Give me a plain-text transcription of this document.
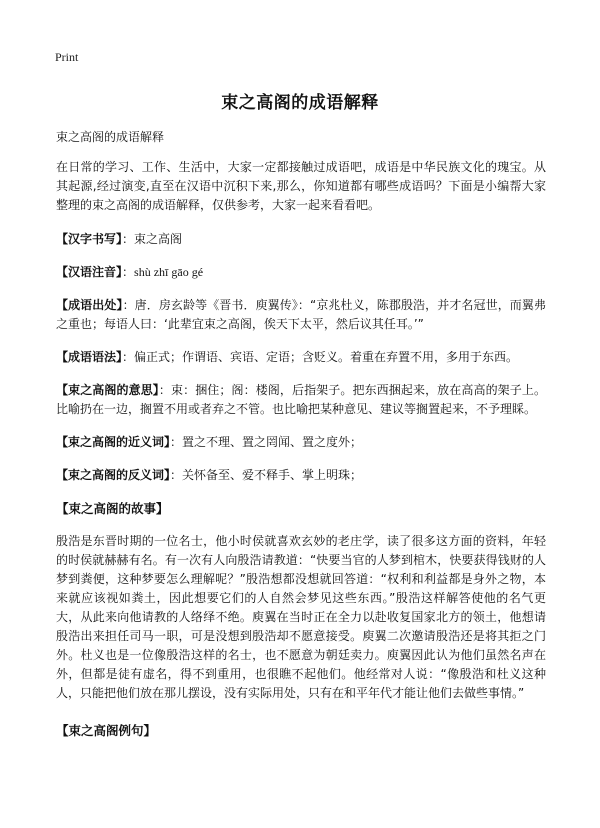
Print
束之高阁的成语解释
束之高阁的成语解释

在日常的学习、工作、生活中，大家一定都接触过成语吧，成语是中华民族文化的瑰宝。从其起源,经过演变,直至在汉语中沉积下来,那么，你知道都有哪些成语吗？下面是小编帮大家整理的束之高阁的成语解释，仅供参考，大家一起来看看吧。

【汉字书写】：束之高阁

【汉语注音】：shù zhī gāo gé

【成语出处】：唐．房玄龄等《晋书．庾翼传》：“京兆杜义，陈郡殷浩，并才名冠世，而翼弗之重也；每语人曰：‘此辈宜束之高阁，俟天下太平，然后议其任耳。’”

【成语语法】：偏正式；作谓语、宾语、定语；含贬义。着重在弃置不用，多用于东西。

【束之高阁的意思】：束：捆住；阁：楼阁，后指架子。把东西捆起来，放在高高的架子上。比喻扔在一边，搁置不用或者弃之不管。也比喻把某种意见、建议等搁置起来，不予理睬。

【束之高阁的近义词】：置之不理、置之罔闻、置之度外；

【束之高阁的反义词】：关怀备至、爱不释手、掌上明珠；

【束之高阁的故事】

殷浩是东晋时期的一位名士，他小时侯就喜欢玄妙的老庄学，读了很多这方面的资料，年轻的时侯就赫赫有名。有一次有人向殷浩请教道：“快要当官的人梦到棺木，快要获得钱财的人梦到粪便，这种梦要怎么理解呢？”殷浩想都没想就回答道：“权利和利益都是身外之物，本来就应该视如粪土，因此想要它们的人自然会梦见这些东西。”殷浩这样解答使他的名气更大，从此来向他请教的人络绎不绝。庾翼在当时正在全力以赴收复国家北方的领土，他想请殷浩出来担任司马一职，可是没想到殷浩却不愿意接受。庾翼二次邀请殷浩还是将其拒之门外。杜义也是一位像殷浩这样的名士，也不愿意为朝廷卖力。庾翼因此认为他们虽然名声在外，但都是徒有虚名，得不到重用，也很瞧不起他们。他经常对人说：“像殷浩和杜义这种人，只能把他们放在那儿摆设，没有实际用处，只有在和平年代才能让他们去做些事情。”

【束之高阁例句】
